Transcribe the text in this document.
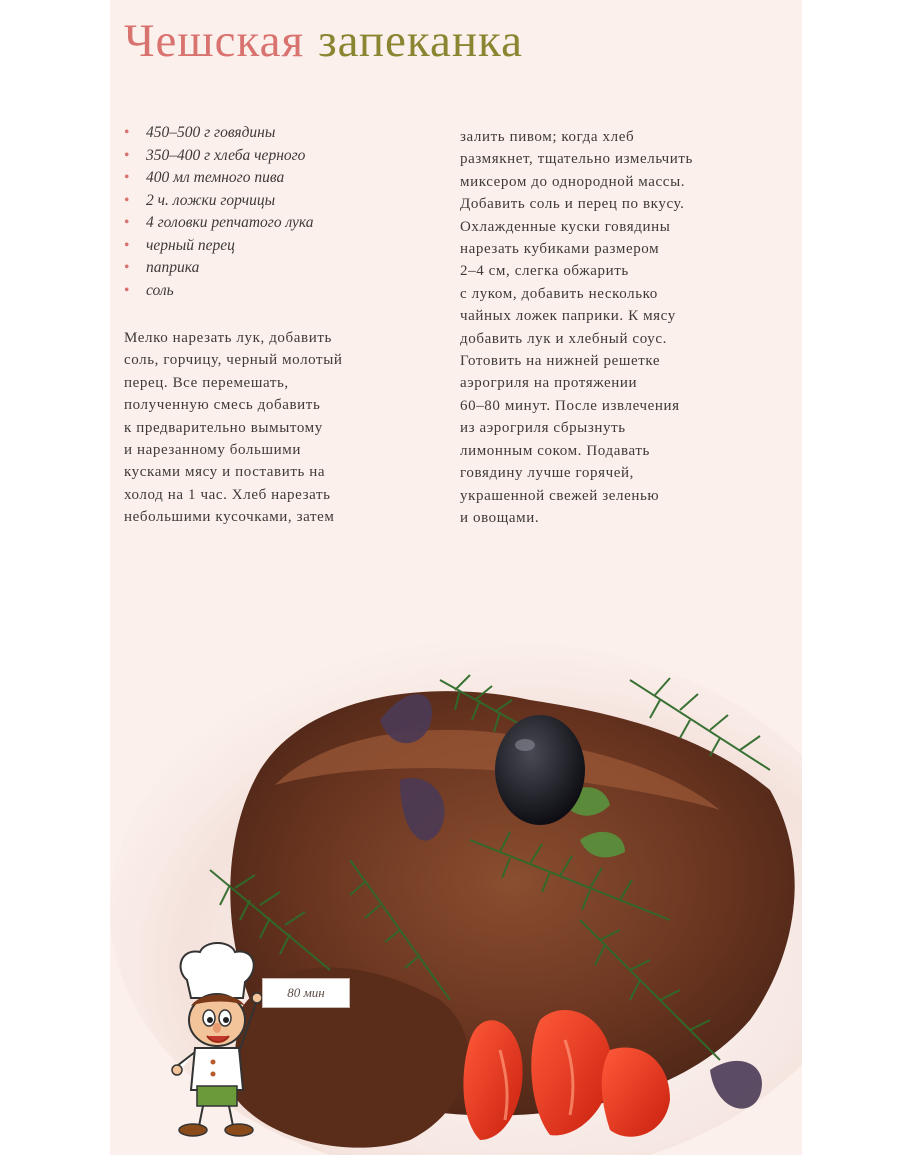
Чешская запеканка
• 450–500 г говядины
• 350–400 г хлеба черного
• 400 мл темного пива
• 2 ч. ложки горчицы
• 4 головки репчатого лука
• черный перец
• паприка
• соль
Мелко нарезать лук, добавить
соль, горчицу, черный молотый
перец. Все перемешать,
полученную смесь добавить
к предварительно вымытому
и нарезанному большими
кусками мясу и поставить на
холод на 1 час. Хлеб нарезать
небольшими кусочками, затем
залить пивом; когда хлеб
размякнет, тщательно измельчить
миксером до однородной массы.
Добавить соль и перец по вкусу.
Охлажденные куски говядины
нарезать кубиками размером
2–4 см, слегка обжарить
с луком, добавить несколько
чайных ложек паприки. К мясу
добавить лук и хлебный соус.
Готовить на нижней решетке
аэрогриля на протяжении
60–80 минут. После извлечения
из аэрогриля сбрызнуть
лимонным соком. Подавать
говядину лучше горячей,
украшенной свежей зеленью
и овощами.
80 мин
